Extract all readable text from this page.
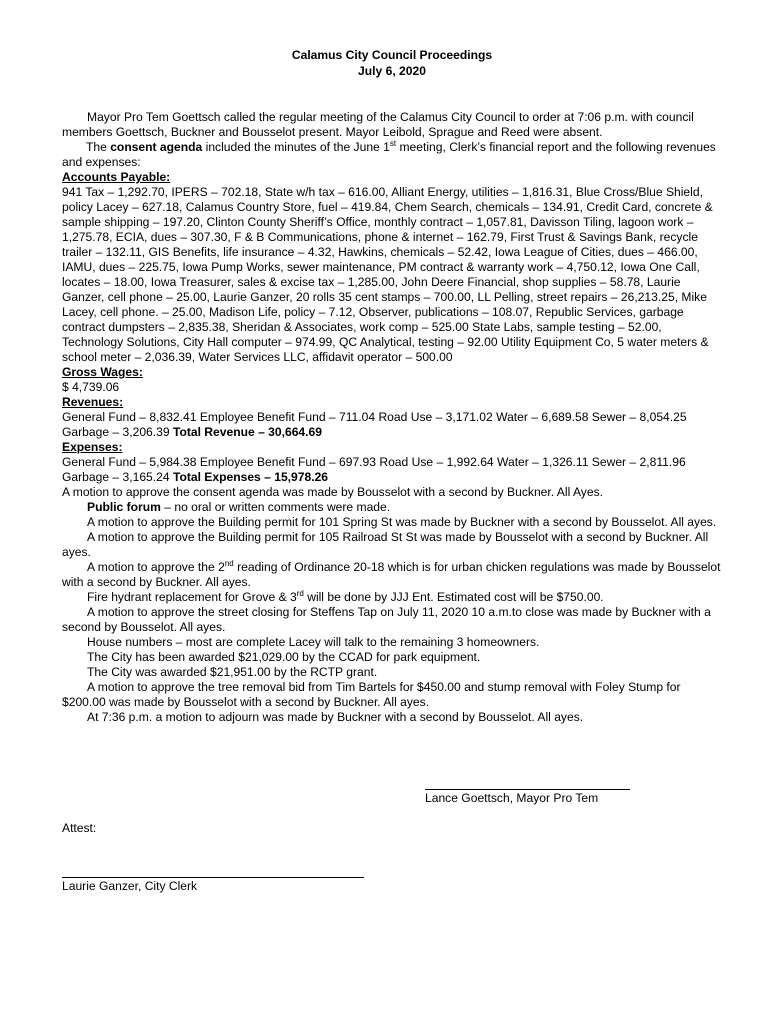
Calamus City Council Proceedings
July 6, 2020

Mayor Pro Tem Goettsch called the regular meeting of the Calamus City Council to order at 7:06 p.m. with council members Goettsch, Buckner and Bousselot present. Mayor Leibold, Sprague and Reed were absent.

The consent agenda included the minutes of the June 1st meeting, Clerk’s financial report and the following revenues and expenses:

Accounts Payable:

941 Tax – 1,292.70, IPERS – 702.18, State w/h tax – 616.00, Alliant Energy, utilities – 1,816.31, Blue Cross/Blue Shield, policy Lacey – 627.18, Calamus Country Store, fuel – 419.84, Chem Search, chemicals – 134.91, Credit Card, concrete & sample shipping – 197.20, Clinton County Sheriff’s Office, monthly contract – 1,057.81, Davisson Tiling, lagoon work – 1,275.78, ECIA, dues – 307.30, F & B Communications, phone & internet – 162.79, First Trust & Savings Bank, recycle trailer – 132.11, GIS Benefits, life insurance – 4.32, Hawkins, chemicals – 52.42, Iowa League of Cities, dues – 466.00, IAMU, dues – 225.75, Iowa Pump Works, sewer maintenance, PM contract & warranty work – 4,750.12, Iowa One Call, locates – 18.00, Iowa Treasurer, sales & excise tax – 1,285.00, John Deere Financial, shop supplies – 58.78, Laurie Ganzer, cell phone – 25.00, Laurie Ganzer, 20 rolls 35 cent stamps – 700.00, LL Pelling, street repairs – 26,213.25, Mike Lacey, cell phone. – 25.00, Madison Life, policy – 7.12, Observer, publications – 108.07, Republic Services, garbage contract dumpsters – 2,835.38, Sheridan & Associates, work comp – 525.00 State Labs, sample testing – 52.00, Technology Solutions, City Hall computer – 974.99, QC Analytical, testing – 92.00 Utility Equipment Co, 5 water meters & school meter – 2,036.39, Water Services LLC, affidavit operator – 500.00

Gross Wages:

$ 4,739.06

Revenues:

General Fund – 8,832.41 Employee Benefit Fund – 711.04 Road Use – 3,171.02 Water – 6,689.58 Sewer – 8,054.25 Garbage – 3,206.39 Total Revenue – 30,664.69

Expenses:

General Fund – 5,984.38 Employee Benefit Fund – 697.93 Road Use – 1,992.64 Water – 1,326.11 Sewer – 2,811.96 Garbage – 3,165.24 Total Expenses – 15,978.26

A motion to approve the consent agenda was made by Bousselot with a second by Buckner. All Ayes.

Public forum – no oral or written comments were made.

A motion to approve the Building permit for 101 Spring St was made by Buckner with a second by Bousselot. All ayes.

A motion to approve the Building permit for 105 Railroad St St was made by Bousselot with a second by Buckner. All ayes.

A motion to approve the 2nd reading of Ordinance 20-18 which is for urban chicken regulations was made by Bousselot with a second by Buckner. All ayes.

Fire hydrant replacement for Grove & 3rd will be done by JJJ Ent. Estimated cost will be $750.00.

A motion to approve the street closing for Steffens Tap on July 11, 2020 10 a.m.to close was made by Buckner with a second by Bousselot. All ayes.

House numbers – most are complete Lacey will talk to the remaining 3 homeowners.

The City has been awarded $21,029.00 by the CCAD for park equipment.

The City was awarded $21,951.00 by the RCTP grant.

A motion to approve the tree removal bid from Tim Bartels for $450.00 and stump removal with Foley Stump for $200.00 was made by Bousselot with a second by Buckner. All ayes.

At 7:36 p.m. a motion to adjourn was made by Buckner with a second by Bousselot. All ayes.

Lance Goettsch, Mayor Pro Tem
Attest:
Laurie Ganzer, City Clerk
